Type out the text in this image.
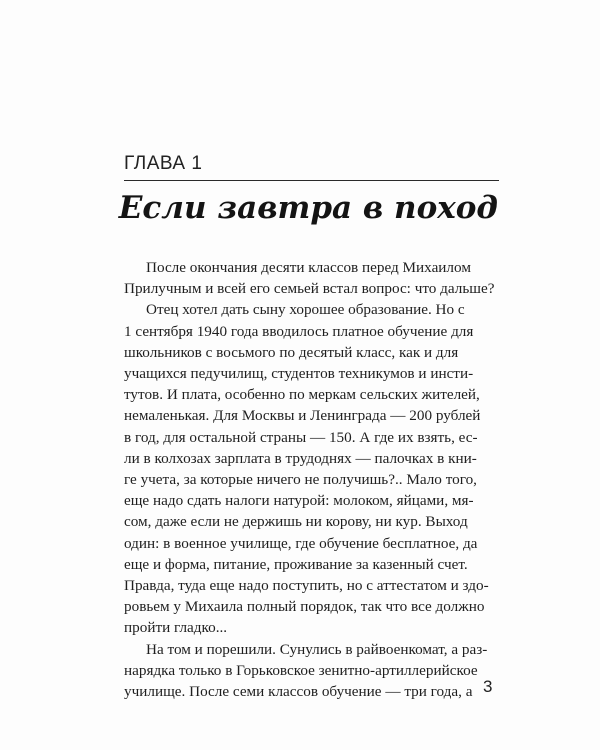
ГЛАВА 1
Если завтра в поход

После окончания десяти классов перед Михаилом
Прилучным и всей его семьей встал вопрос: что дальше?

Отец хотел дать сыну хорошее образование. Но с
1 сентября 1940 года вводилось платное обучение для
школьников с восьмого по десятый класс, как и для
учащихся педучилищ, студентов техникумов и инсти-
тутов. И плата, особенно по меркам сельских жителей,
немаленькая. Для Москвы и Ленинграда — 200 рублей
в год, для остальной страны — 150. А где их взять, ес-
ли в колхозах зарплата в трудоднях — палочках в кни-
ге учета, за которые ничего не получишь?.. Мало того,
еще надо сдать налоги натурой: молоком, яйцами, мя-
сом, даже если не держишь ни корову, ни кур. Выход
один: в военное училище, где обучение бесплатное, да
еще и форма, питание, проживание за казенный счет.
Правда, туда еще надо поступить, но с аттестатом и здо-
ровьем у Михаила полный порядок, так что все должно
пройти гладко...

На том и порешили. Сунулись в райвоенкомат, а раз-
нарядка только в Горьковское зенитно-артиллерийское
училище. После семи классов обучение — три года, а 3
